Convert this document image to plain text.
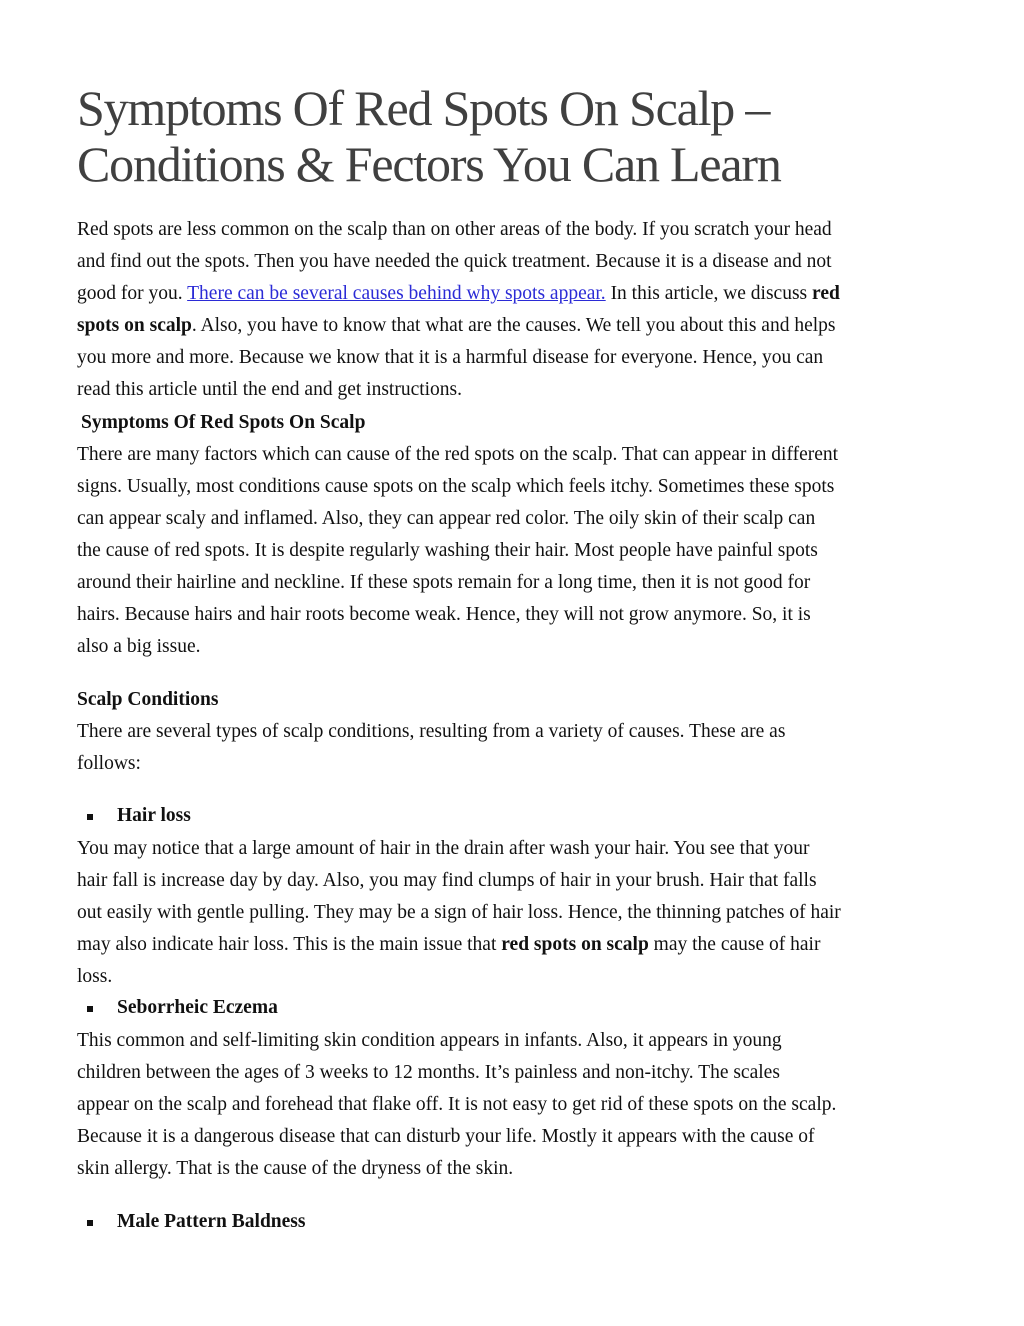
Symptoms Of Red Spots On Scalp –
Conditions & Fectors You Can Learn
Red spots are less common on the scalp than on other areas of the body. If you scratch your head
and find out the spots. Then you have needed the quick treatment. Because it is a disease and not
good for you. There can be several causes behind why spots appear. In this article, we discuss red
spots on scalp. Also, you have to know that what are the causes. We tell you about this and helps
you more and more. Because we know that it is a harmful disease for everyone. Hence, you can
read this article until the end and get instructions.
Symptoms Of Red Spots On Scalp
There are many factors which can cause of the red spots on the scalp. That can appear in different
signs. Usually, most conditions cause spots on the scalp which feels itchy. Sometimes these spots
can appear scaly and inflamed. Also, they can appear red color. The oily skin of their scalp can
the cause of red spots. It is despite regularly washing their hair. Most people have painful spots
around their hairline and neckline. If these spots remain for a long time, then it is not good for
hairs. Because hairs and hair roots become weak. Hence, they will not grow anymore. So, it is
also a big issue.
Scalp Conditions
There are several types of scalp conditions, resulting from a variety of causes. These are as
follows:
Hair loss
You may notice that a large amount of hair in the drain after wash your hair. You see that your
hair fall is increase day by day. Also, you may find clumps of hair in your brush. Hair that falls
out easily with gentle pulling. They may be a sign of hair loss. Hence, the thinning patches of hair
may also indicate hair loss. This is the main issue that red spots on scalp may the cause of hair
loss.
Seborrheic Eczema
This common and self-limiting skin condition appears in infants. Also, it appears in young
children between the ages of 3 weeks to 12 months. It’s painless and non-itchy. The scales
appear on the scalp and forehead that flake off. It is not easy to get rid of these spots on the scalp.
Because it is a dangerous disease that can disturb your life. Mostly it appears with the cause of
skin allergy. That is the cause of the dryness of the skin.
Male Pattern Baldness
